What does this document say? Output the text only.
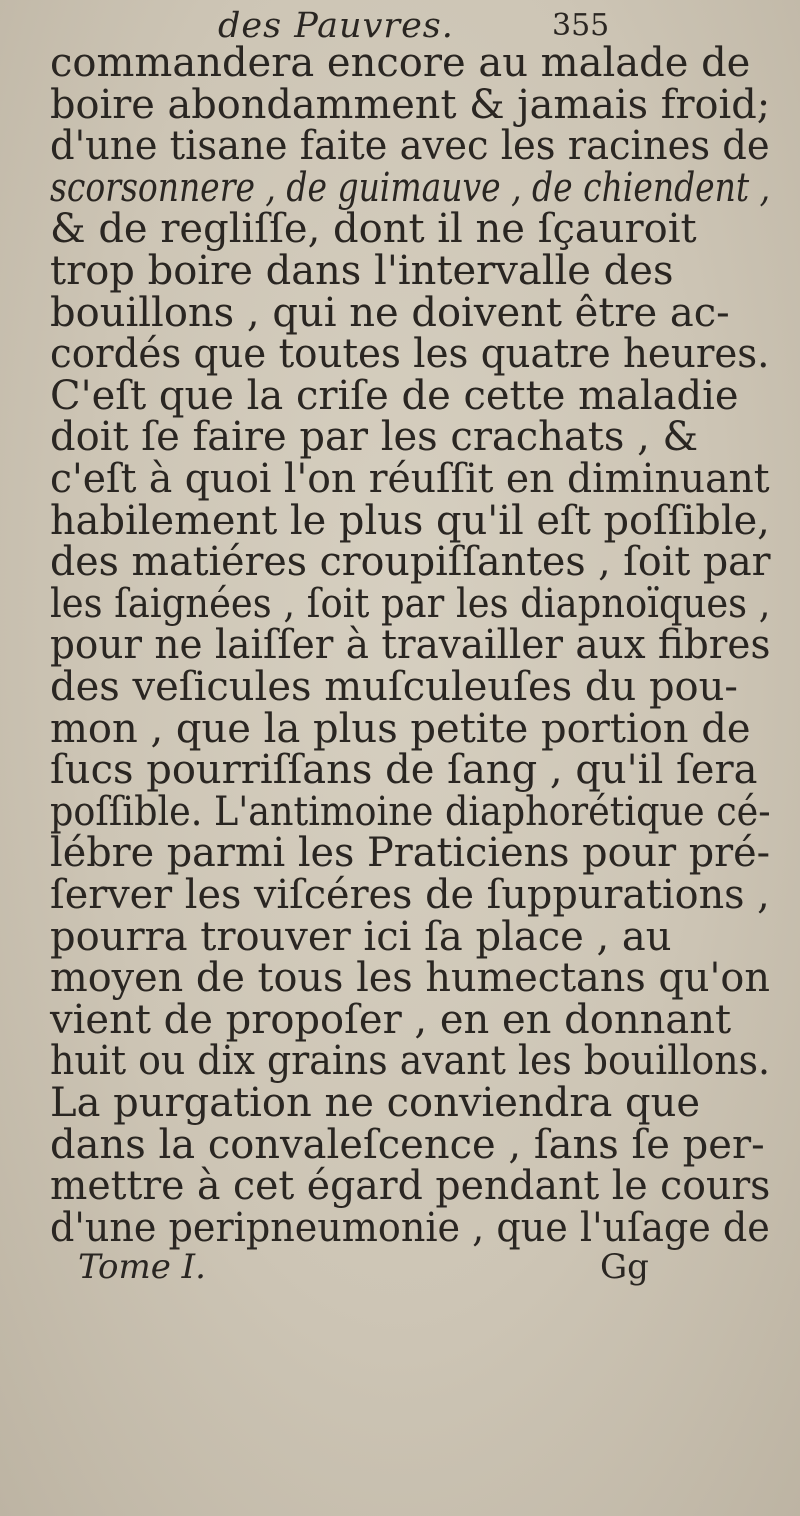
des Pauvres.	355
commandera encore au malade de
boire abondamment & jamais froid;
d'une tisane faite avec les racines de
scorsonnere , de guimauve , de chiendent ,
& de regliſſe, dont il ne ſçauroit
trop boire dans l'intervalle des
bouillons , qui ne doivent être ac-
cordés que toutes les quatre heures.
C'eſt que la criſe de cette maladie
doit ſe faire par les crachats , &
c'eſt à quoi l'on réuſſit en diminuant
habilement le plus qu'il eſt poſſible,
des matiéres croupiſſantes , ſoit par
les ſaignées , ſoit par les diapnoïques ,
pour ne laiſſer à travailler aux fibres
des veſicules muſculeuſes du pou-
mon , que la plus petite portion de
ſucs pourriſſans de ſang , qu'il ſera
poſſible. L'antimoine diaphorétique cé-
lébre parmi les Praticiens pour pré-
ſerver les viſcéres de ſuppurations ,
pourra trouver ici ſa place , au
moyen de tous les humectans qu'on
vient de propoſer , en en donnant
huit ou dix grains avant les bouillons.
La purgation ne conviendra que
dans la convaleſcence , ſans ſe per-
mettre à cet égard pendant le cours
d'une peripneumonie , que l'uſage de
Tome I.	Gg
